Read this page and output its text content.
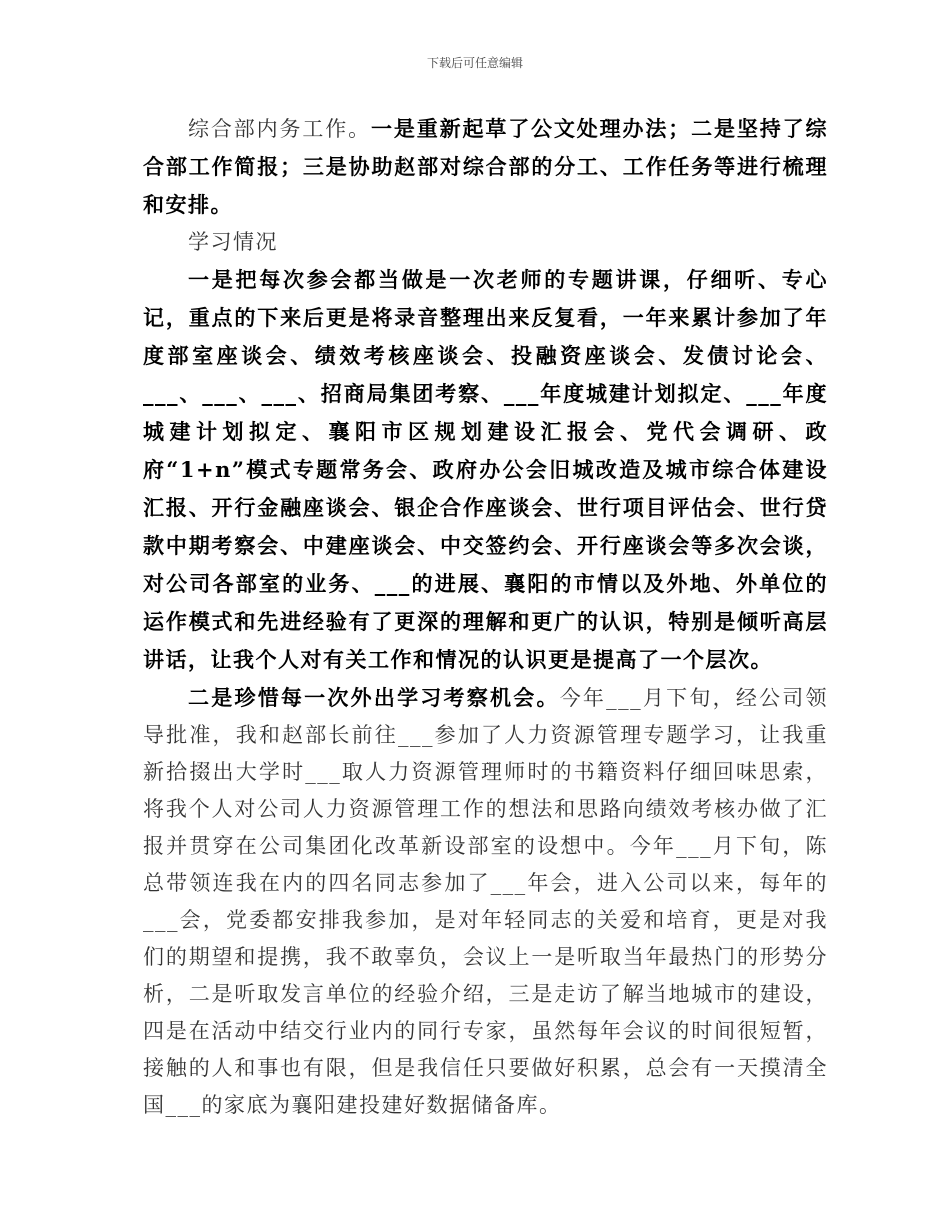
下载后可任意编辑

综合部内务工作。一是重新起草了公文处理办法；二是坚持了综合部工作简报；三是协助赵部对综合部的分工、工作任务等进行梳理和安排。

学习情况

一是把每次参会都当做是一次老师的专题讲课，仔细听、专心记，重点的下来后更是将录音整理出来反复看，一年来累计参加了年度部室座谈会、绩效考核座谈会、投融资座谈会、发债讨论会、___、___、___、招商局集团考察、___年度城建计划拟定、___年度城建计划拟定、襄阳市区规划建设汇报会、党代会调研、政府“1+n”模式专题常务会、政府办公会旧城改造及城市综合体建设汇报、开行金融座谈会、银企合作座谈会、世行项目评估会、世行贷款中期考察会、中建座谈会、中交签约会、开行座谈会等多次会谈，对公司各部室的业务、___的进展、襄阳的市情以及外地、外单位的运作模式和先进经验有了更深的理解和更广的认识，特别是倾听高层讲话，让我个人对有关工作和情况的认识更是提高了一个层次。

二是珍惜每一次外出学习考察机会。今年___月下旬，经公司领导批准，我和赵部长前往___参加了人力资源管理专题学习，让我重新拾掇出大学时___取人力资源管理师时的书籍资料仔细回味思索，将我个人对公司人力资源管理工作的想法和思路向绩效考核办做了汇报并贯穿在公司集团化改革新设部室的设想中。今年___月下旬，陈总带领连我在内的四名同志参加了___年会，进入公司以来，每年的___会，党委都安排我参加，是对年轻同志的关爱和培育，更是对我们的期望和提携，我不敢辜负，会议上一是听取当年最热门的形势分析，二是听取发言单位的经验介绍，三是走访了解当地城市的建设，四是在活动中结交行业内的同行专家，虽然每年会议的时间很短暂，接触的人和事也有限，但是我信任只要做好积累，总会有一天摸清全国___的家底为襄阳建投建好数据储备库。
